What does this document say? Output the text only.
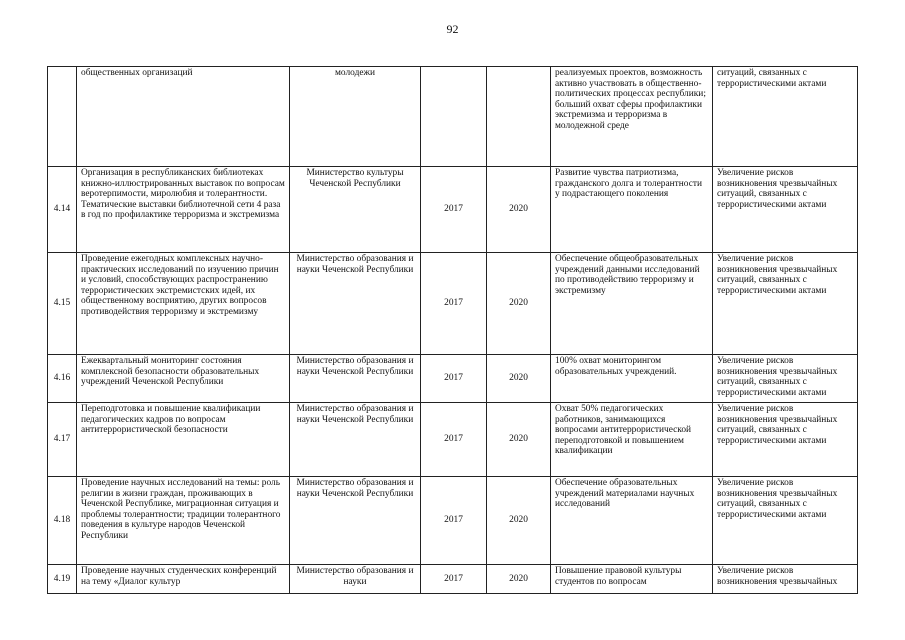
92
	общественных организаций	молодежи			реализуемых проектов, возможность активно участвовать в общественно-политических процессах республики; больший охват сферы профилактики экстремизма и терроризма в молодежной среде	ситуаций, связанных с террористическими актами
4.14	Организация в республиканских библиотеках книжно-иллюстрированных выставок по вопросам веротерпимости, миролюбия и толерантности. Тематические выставки библиотечной сети 4 раза в год по профилактике терроризма и экстремизма	Министерство культуры Чеченской Республики	2017	2020	Развитие чувства патриотизма, гражданского долга и толерантности у подрастающего поколения	Увеличение рисков возникновения чрезвычайных ситуаций, связанных с террористическими актами
4.15	Проведение ежегодных комплексных научно-практических исследований по изучению причин и условий, способствующих распространению террористических экстремистских идей, их общественному восприятию, других вопросов противодействия терроризму и экстремизму	Министерство образования и науки Чеченской Республики	2017	2020	Обеспечение общеобразовательных учреждений данными исследований по противодействию терроризму и экстремизму	Увеличение рисков возникновения чрезвычайных ситуаций, связанных с террористическими актами
4.16	Ежеквартальный мониторинг состояния комплексной безопасности образовательных учреждений Чеченской Республики	Министерство образования и науки Чеченской Республики	2017	2020	100% охват мониторингом образовательных учреждений.	Увеличение рисков возникновения чрезвычайных ситуаций, связанных с террористическими актами
4.17	Переподготовка и повышение квалификации педагогических кадров по вопросам антитеррористической безопасности	Министерство образования и науки Чеченской Республики	2017	2020	Охват 50% педагогических работников, занимающихся вопросами антитеррористической переподготовкой и повышением квалификации	Увеличение рисков возникновения чрезвычайных ситуаций, связанных с террористическими актами
4.18	Проведение научных исследований на темы: роль религии в жизни граждан, проживающих в Чеченской Республике, миграционная ситуация и проблемы толерантности; традиции толерантного поведения в культуре народов Чеченской Республики	Министерство образования и науки Чеченской Республики	2017	2020	Обеспечение образовательных учреждений материалами научных исследований	Увеличение рисков возникновения чрезвычайных ситуаций, связанных с террористическими актами
4.19	Проведение научных студенческих конференций на тему «Диалог культур	Министерство образования и науки	2017	2020	Повышение правовой культуры студентов по вопросам	Увеличение рисков возникновения чрезвычайных
